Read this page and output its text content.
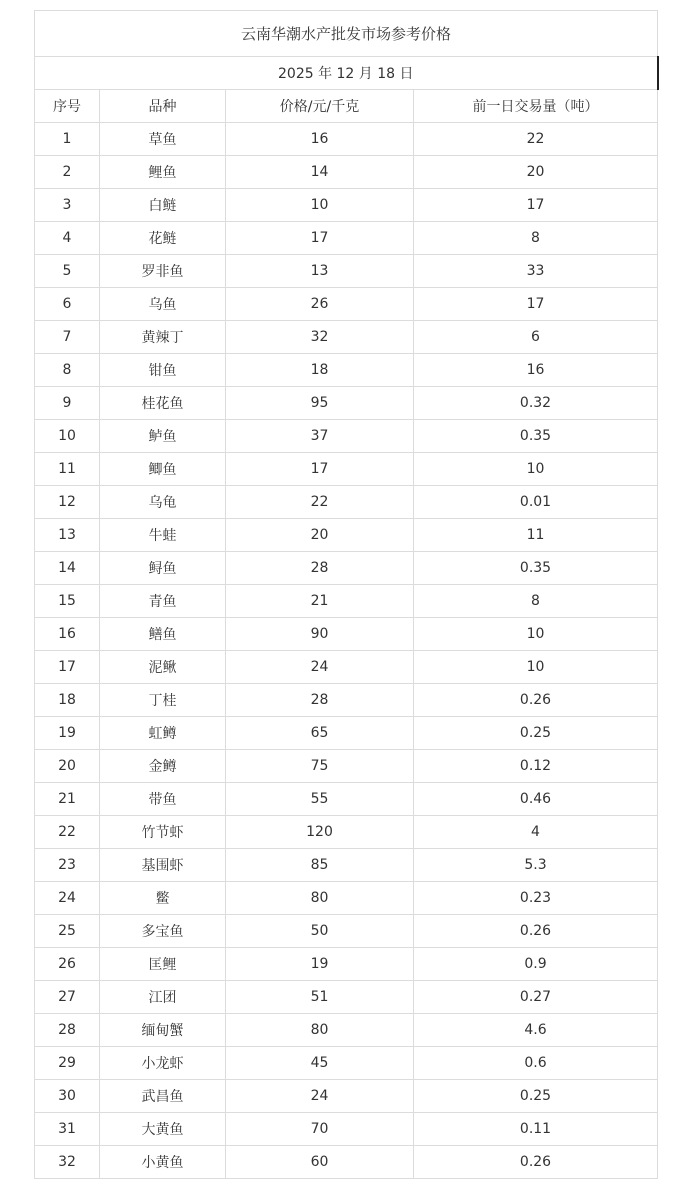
云南华潮水产批发市场参考价格			
2025 年 12 月 18 日			
序号	品种	价格/元/千克	前一日交易量（吨）
1	草鱼	16	22
2	鲤鱼	14	20
3	白鲢	10	17
4	花鲢	17	8
5	罗非鱼	13	33
6	乌鱼	26	17
7	黄辣丁	32	6
8	钳鱼	18	16
9	桂花鱼	95	0.32
10	鲈鱼	37	0.35
11	鲫鱼	17	10
12	乌龟	22	0.01
13	牛蛙	20	11
14	鲟鱼	28	0.35
15	青鱼	21	8
16	鳝鱼	90	10
17	泥鳅	24	10
18	丁桂	28	0.26
19	虹鳟	65	0.25
20	金鳟	75	0.12
21	带鱼	55	0.46
22	竹节虾	120	4
23	基围虾	85	5.3
24	鳖	80	0.23
25	多宝鱼	50	0.26
26	匡鲤	19	0.9
27	江团	51	0.27
28	缅甸蟹	80	4.6
29	小龙虾	45	0.6
30	武昌鱼	24	0.25
31	大黄鱼	70	0.11
32	小黄鱼	60	0.26
